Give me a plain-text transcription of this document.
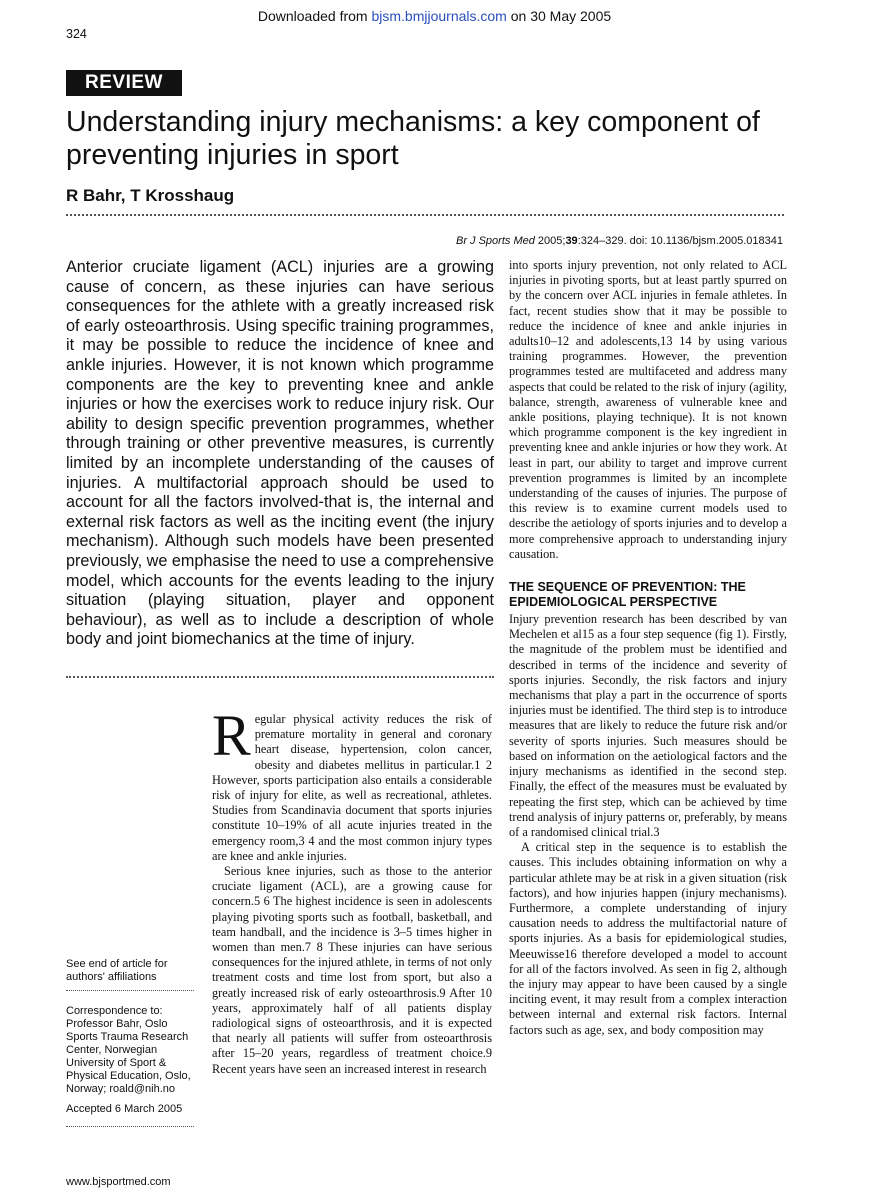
Downloaded from bjsm.bmjjournals.com on 30 May 2005
324
REVIEW
Understanding injury mechanisms: a key component of preventing injuries in sport
R Bahr, T Krosshaug
Br J Sports Med 2005;39:324–329. doi: 10.1136/bjsm.2005.018341
Anterior cruciate ligament (ACL) injuries are a growing cause of concern, as these injuries can have serious consequences for the athlete with a greatly increased risk of early osteoarthrosis. Using specific training programmes, it may be possible to reduce the incidence of knee and ankle injuries. However, it is not known which programme components are the key to preventing knee and ankle injuries or how the exercises work to reduce injury risk. Our ability to design specific prevention programmes, whether through training or other preventive measures, is currently limited by an incomplete understanding of the causes of injuries. A multifactorial approach should be used to account for all the factors involved-that is, the internal and external risk factors as well as the inciting event (the injury mechanism). Although such models have been presented previously, we emphasise the need to use a comprehensive model, which accounts for the events leading to the injury situation (playing situation, player and opponent behaviour), as well as to include a description of whole body and joint biomechanics at the time of injury.

into sports injury prevention, not only related to ACL injuries in pivoting sports, but at least partly spurred on by the concern over ACL injuries in female athletes. In fact, recent studies show that it may be possible to reduce the incidence of knee and ankle injuries in adults10–12 and adolescents,13 14 by using various training programmes. However, the prevention programmes tested are multifaceted and address many aspects that could be related to the risk of injury (agility, balance, strength, awareness of vulnerable knee and ankle positions, playing technique). It is not known which programme component is the key ingredient in preventing knee and ankle injuries or how they work. At least in part, our ability to target and improve current prevention programmes is limited by an incomplete understanding of the causes of injuries. The purpose of this review is to examine current models used to describe the aetiology of sports injuries and to develop a more comprehensive approach to understanding injury causation.

THE SEQUENCE OF PREVENTION: THE EPIDEMIOLOGICAL PERSPECTIVE

Injury prevention research has been described by van Mechelen et al15 as a four step sequence (fig 1). Firstly, the magnitude of the problem must be identified and described in terms of the incidence and severity of sports injuries. Secondly, the risk factors and injury mechanisms that play a part in the occurrence of sports injuries must be identified. The third step is to introduce measures that are likely to reduce the future risk and/or severity of sports injuries. Such measures should be based on information on the aetiological factors and the injury mechanisms as identified in the second step. Finally, the effect of the measures must be evaluated by repeating the first step, which can be achieved by time trend analysis of injury patterns or, preferably, by means of a randomised clinical trial.3

A critical step in the sequence is to establish the causes. This includes obtaining information on why a particular athlete may be at risk in a given situation (risk factors), and how injuries happen (injury mechanisms). Furthermore, a complete understanding of injury causation needs to address the multifactorial nature of sports injuries. As a basis for epidemiological studies, Meeuwisse16 therefore developed a model to account for all of the factors involved. As seen in fig 2, although the injury may appear to have been caused by a single inciting event, it may result from a complex interaction between internal and external risk factors. Internal factors such as age, sex, and body composition may

Regular physical activity reduces the risk of premature mortality in general and coronary heart disease, hypertension, colon cancer, obesity and diabetes mellitus in particular.1 2 However, sports participation also entails a considerable risk of injury for elite, as well as recreational, athletes. Studies from Scandinavia document that sports injuries constitute 10–19% of all acute injuries treated in the emergency room,3 4 and the most common injury types are knee and ankle injuries.

Serious knee injuries, such as those to the anterior cruciate ligament (ACL), are a growing cause for concern.5 6 The highest incidence is seen in adolescents playing pivoting sports such as football, basketball, and team handball, and the incidence is 3–5 times higher in women than men.7 8 These injuries can have serious consequences for the injured athlete, in terms of not only treatment costs and time lost from sport, but also a greatly increased risk of early osteoarthrosis.9 After 10 years, approximately half of all patients display radiological signs of osteoarthrosis, and it is expected that nearly all patients will suffer from osteoarthrosis after 15–20 years, regardless of treatment choice.9 Recent years have seen an increased interest in research

See end of article for authors' affiliations
Correspondence to: Professor Bahr, Oslo Sports Trauma Research Center, Norwegian University of Sport & Physical Education, Oslo, Norway; roald@nih.no
Accepted 6 March 2005
www.bjsportmed.com
